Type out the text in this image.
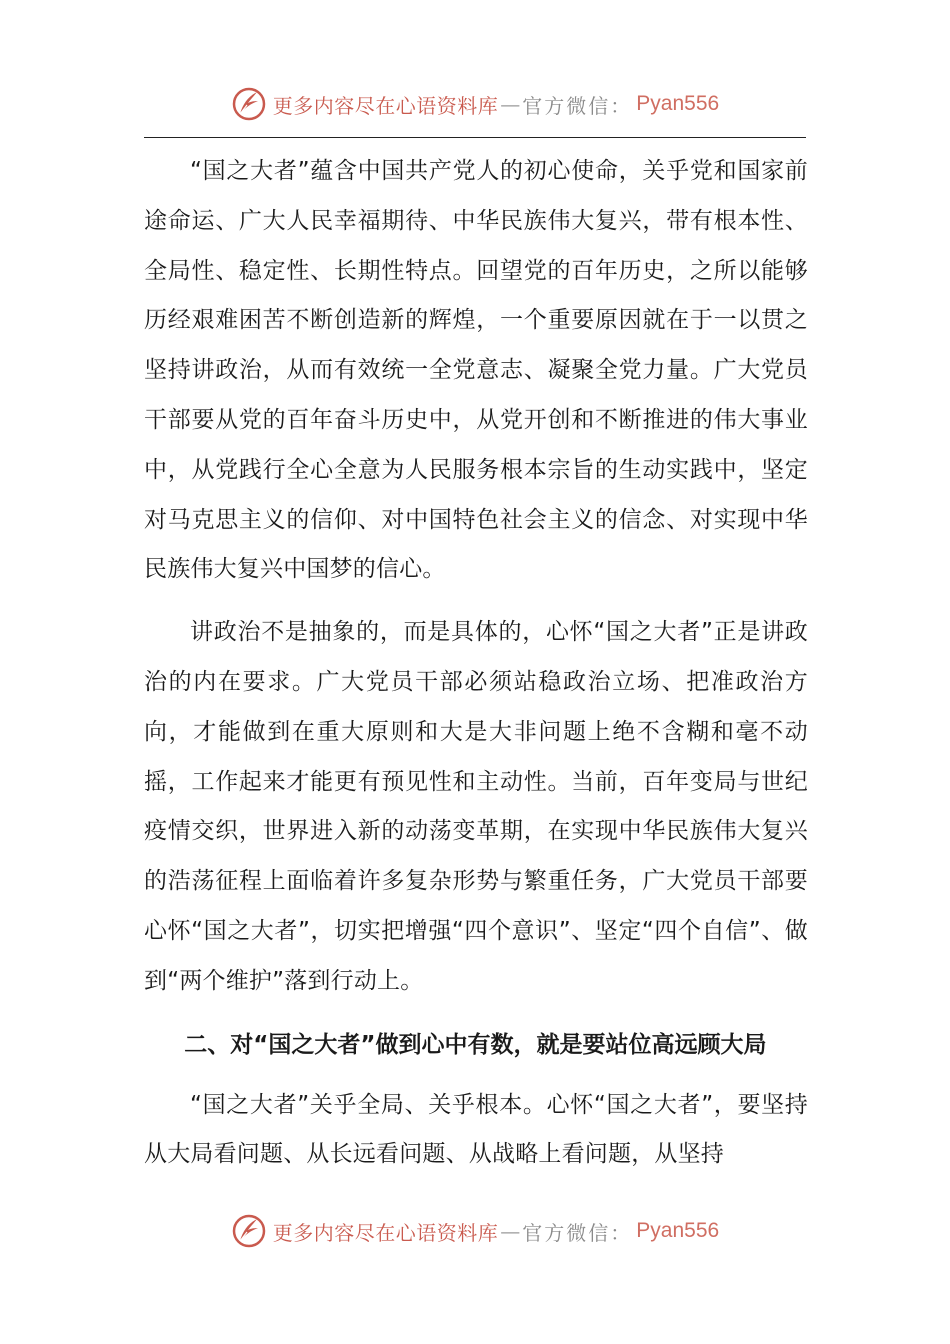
更多内容尽在心语资料库 — 官方微信： Pyan556

“国之大者”蕴含中国共产党人的初心使命，关乎党和国家前途命运、广大人民幸福期待、中华民族伟大复兴，带有根本性、全局性、稳定性、长期性特点。回望党的百年历史，之所以能够历经艰难困苦不断创造新的辉煌，一个重要原因就在于一以贯之坚持讲政治，从而有效统一全党意志、凝聚全党力量。广大党员干部要从党的百年奋斗历史中，从党开创和不断推进的伟大事业中，从党践行全心全意为人民服务根本宗旨的生动实践中，坚定对马克思主义的信仰、对中国特色社会主义的信念、对实现中华民族伟大复兴中国梦的信心。

讲政治不是抽象的，而是具体的，心怀“国之大者”正是讲政治的内在要求。广大党员干部必须站稳政治立场、把准政治方向，才能做到在重大原则和大是大非问题上绝不含糊和毫不动摇，工作起来才能更有预见性和主动性。当前，百年变局与世纪疫情交织，世界进入新的动荡变革期，在实现中华民族伟大复兴的浩荡征程上面临着许多复杂形势与繁重任务，广大党员干部要心怀“国之大者”，切实把增强“四个意识”、坚定“四个自信”、做到“两个维护”落到行动上。

二、对“国之大者”做到心中有数，就是要站位高远顾大局

“国之大者”关乎全局、关乎根本。心怀“国之大者”，要坚持从大局看问题、从长远看问题、从战略上看问题，从坚持

更多内容尽在心语资料库 — 官方微信： Pyan556
